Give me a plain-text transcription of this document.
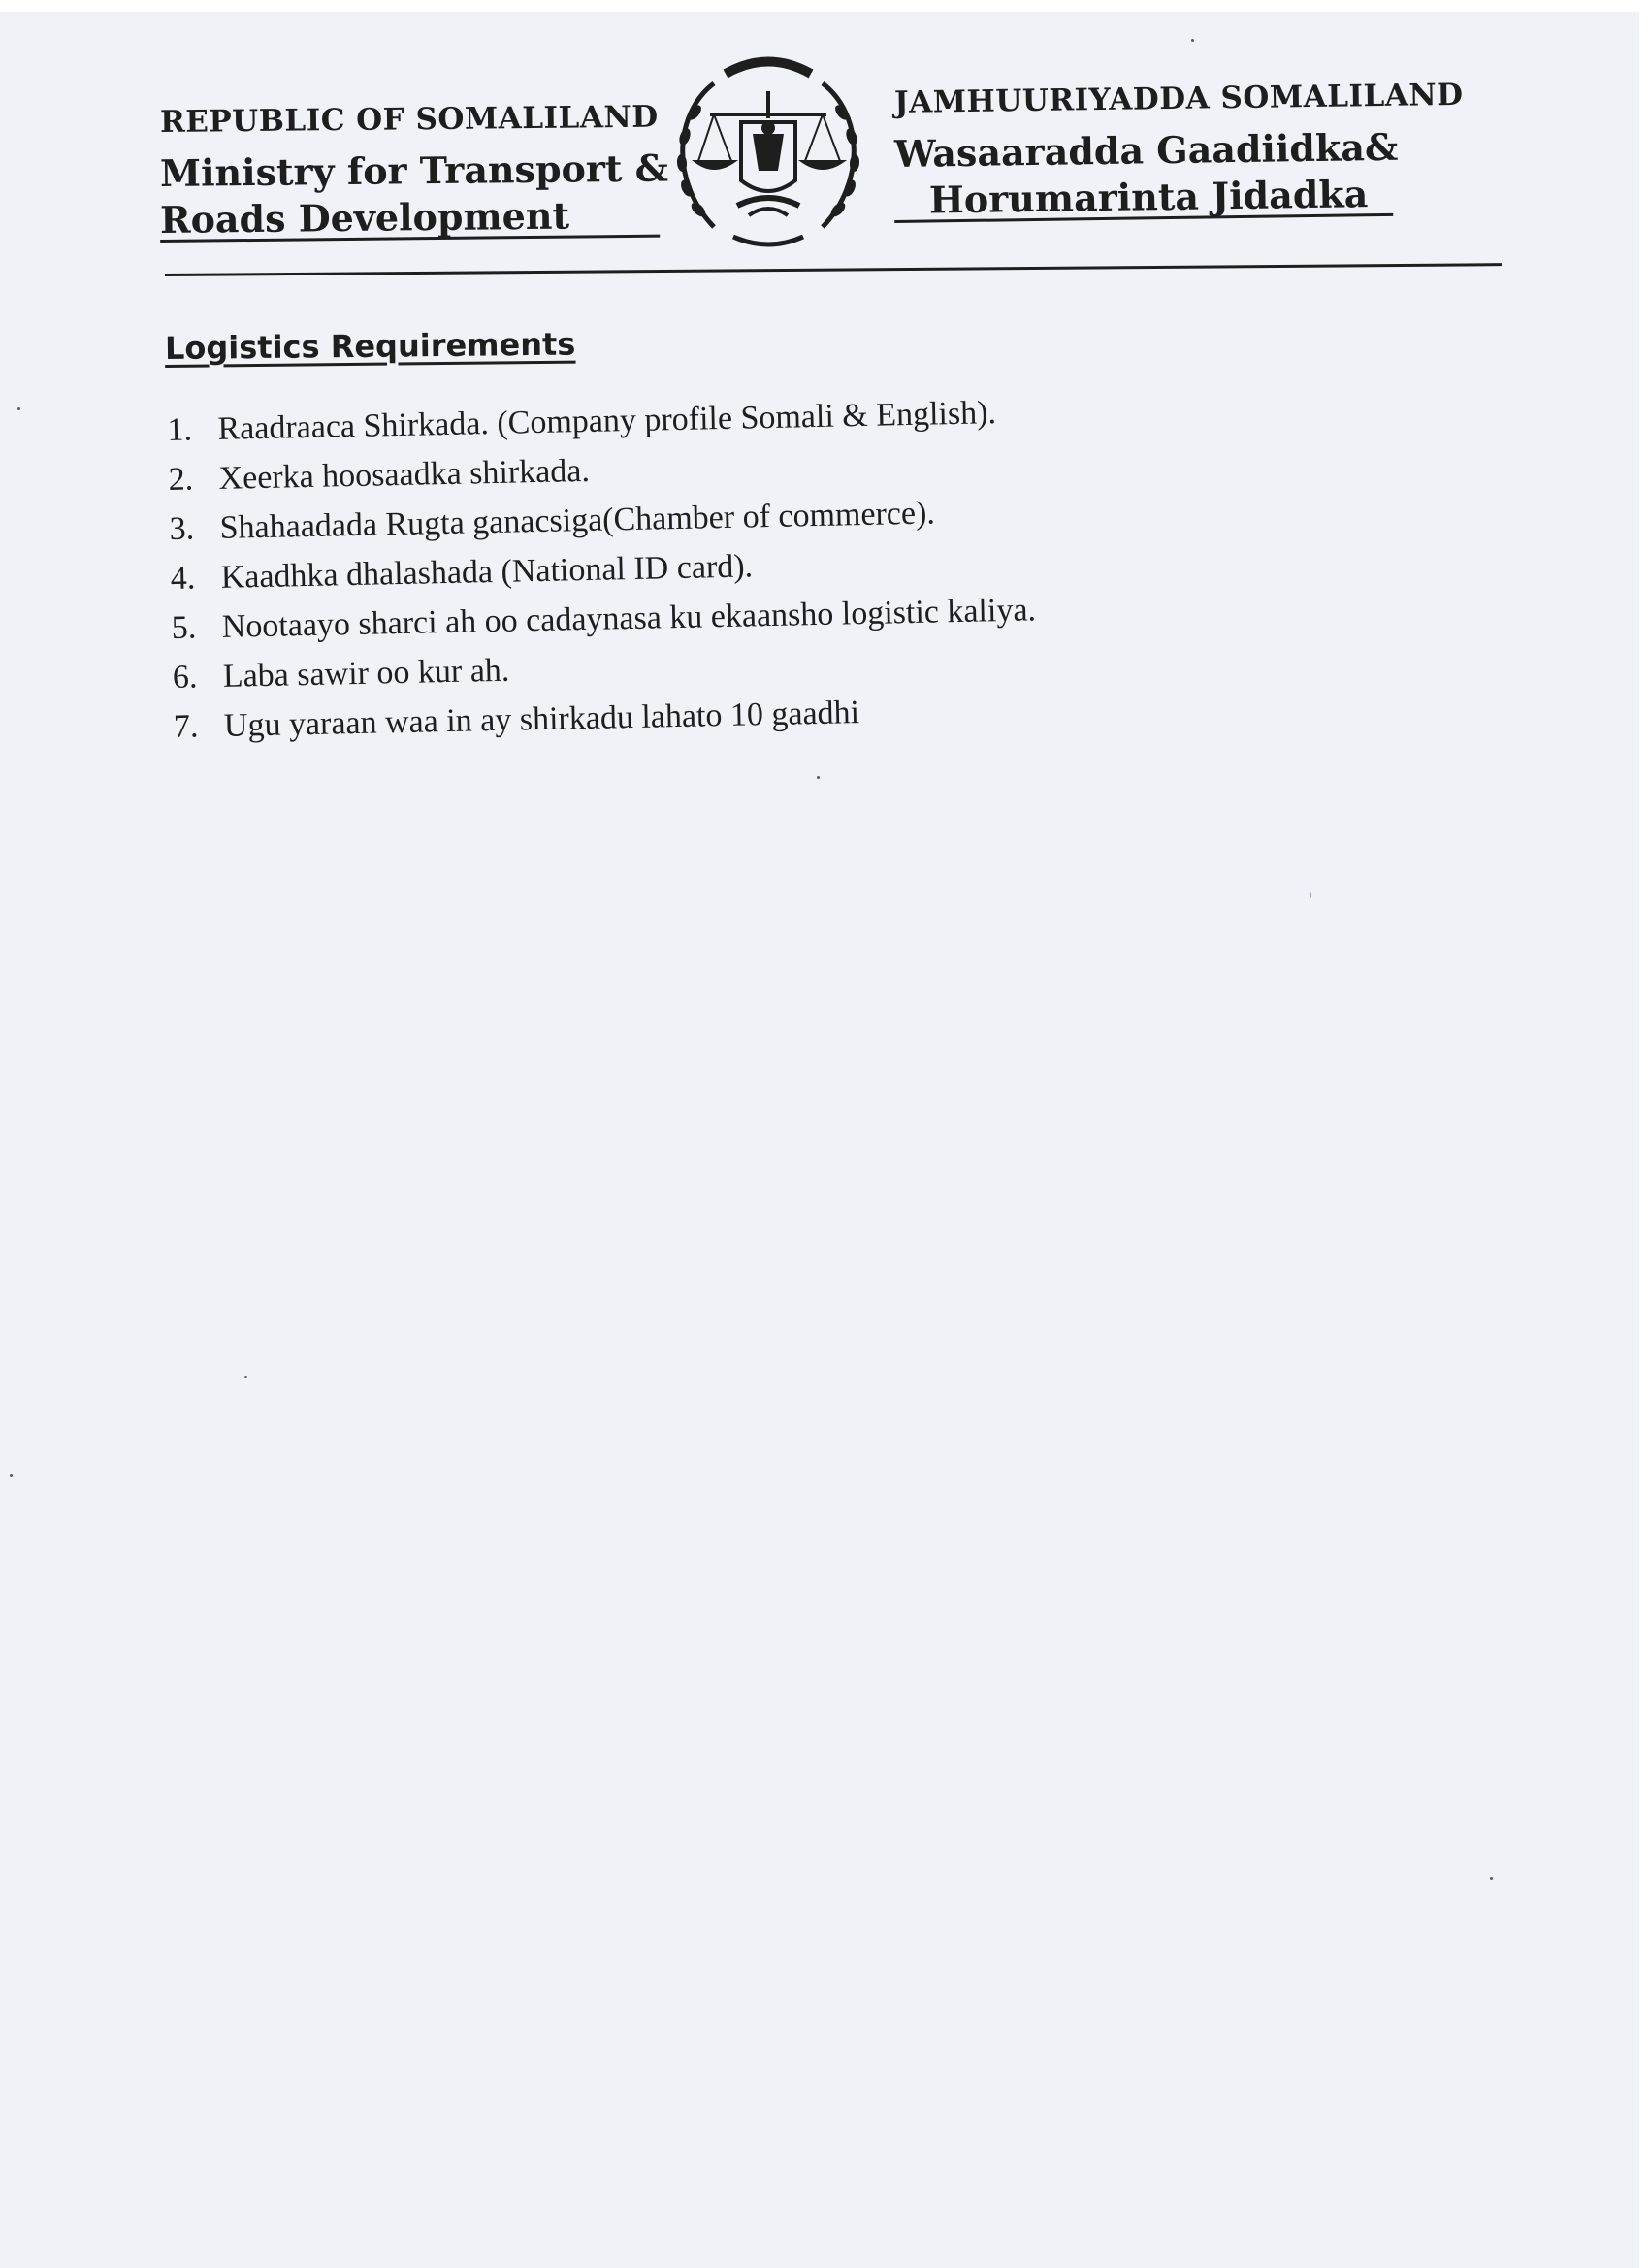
REPUBLIC OF SOMALILAND
Ministry for Transport &
Roads Development
JAMHUURIYADDA SOMALILAND
Wasaaradda Gaadiidka&
Horumarinta Jidadka
Logistics Requirements
1. Raadraaca Shirkada. (Company profile Somali & English).
2. Xeerka hoosaadka shirkada.
3. Shahaadada Rugta ganacsiga(Chamber of commerce).
4. Kaadhka dhalashada (National ID card).
5. Nootaayo sharci ah oo cadaynasa ku ekaansho logistic kaliya.
6. Laba sawir oo kur ah.
7. Ugu yaraan waa in ay shirkadu lahato 10 gaadhi
